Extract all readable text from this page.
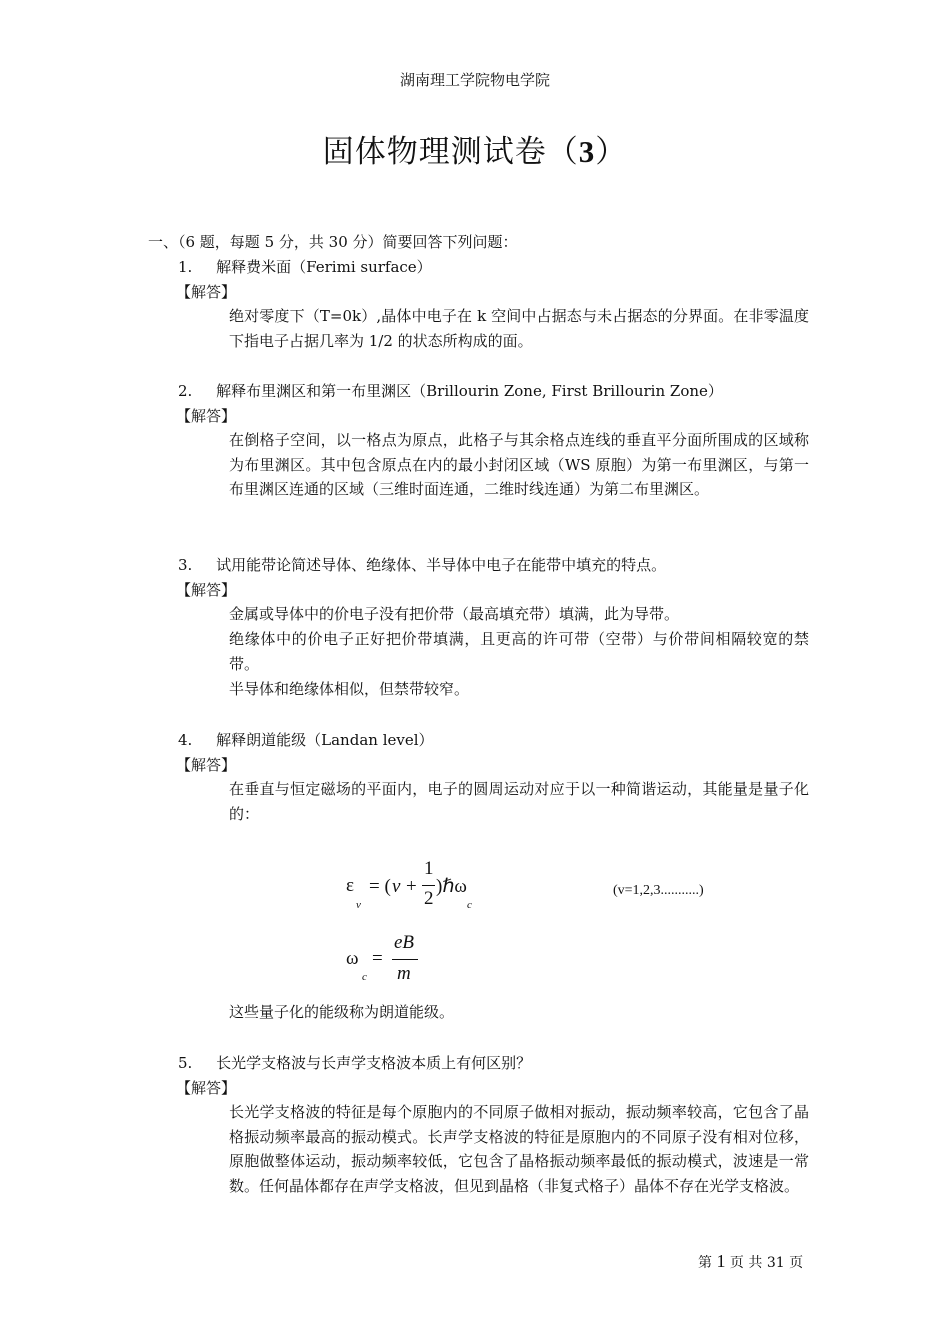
湖南理工学院物电学院
固体物理测试卷（3）
一、（6 题，每题 5 分，共 30 分）简要回答下列问题：
1. 解释费米面（Ferimi surface）
【解答】
绝对零度下（T=0k）,晶体中电子在 k 空间中占据态与未占据态的分界面。在非零温度下指电子占据几率为 1/2 的状态所构成的面。
2. 解释布里渊区和第一布里渊区（Brillourin Zone, First Brillourin Zone）
【解答】
在倒格子空间，以一格点为原点，此格子与其余格点连线的垂直平分面所围成的区域称为布里渊区。其中包含原点在内的最小封闭区域（WS 原胞）为第一布里渊区，与第一布里渊区连通的区域（三维时面连通，二维时线连通）为第二布里渊区。
3. 试用能带论简述导体、绝缘体、半导体中电子在能带中填充的特点。
【解答】
金属或导体中的价电子没有把价带（最高填充带）填满，此为导带。
绝缘体中的价电子正好把价带填满，且更高的许可带（空带）与价带间相隔较宽的禁带。
半导体和绝缘体相似，但禁带较窄。
4. 解释朗道能级（Landan level）
【解答】
在垂直与恒定磁场的平面内，电子的圆周运动对应于以一种简谐运动，其能量是量子化的：
ε
v
= ( v +
1
2
)ℏω
c
(v=1,2,3...........)
ω
c
=
eB
m
这些量子化的能级称为朗道能级。
5. 长光学支格波与长声学支格波本质上有何区别？
【解答】
长光学支格波的特征是每个原胞内的不同原子做相对振动，振动频率较高，它包含了晶格振动频率最高的振动模式。长声学支格波的特征是原胞内的不同原子没有相对位移，原胞做整体运动，振动频率较低，它包含了晶格振动频率最低的振动模式，波速是一常数。任何晶体都存在声学支格波，但见到晶格（非复式格子）晶体不存在光学支格波。
第 1 页 共 31 页
